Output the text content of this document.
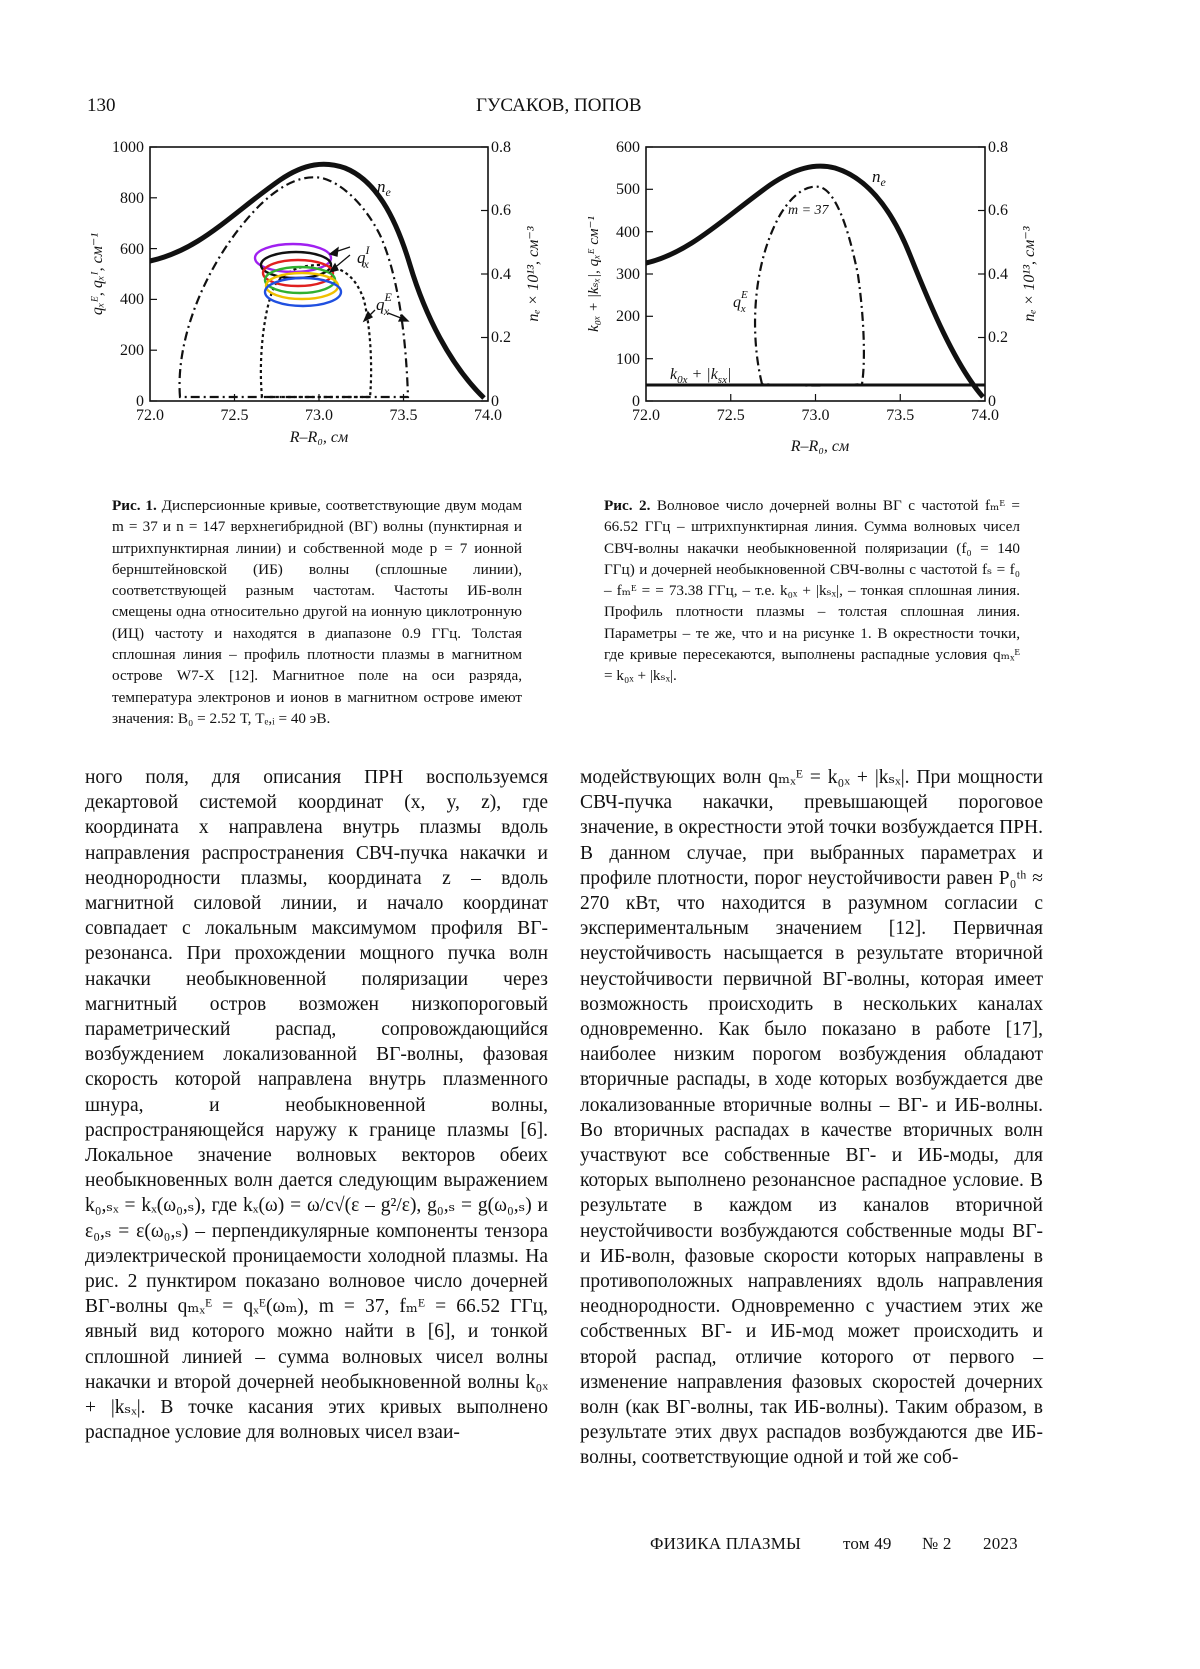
130	ГУСАКОВ, ПОПОВ
0
200
400
600
800
1000
0
0.2
0.4
0.6
0.8
72.0	72.5	73.0	73.5	74.0
R–R₀, см
qₓᴱ, qₓᴵ, см⁻¹	nₑ × 10¹³, см⁻³
$n_e$
$q^I$ x
$q^E$ x
0
100
200
300
400
500
600
0
0.2
0.4
0.6
0.8
72.0	72.5	73.0	73.5	74.0
R–R₀, см
k₀ₓ + |kₛₓ|, qₓᴱ см⁻¹	nₑ × 10¹³, см⁻³
m = 37
$n_e$
$q^E$ x
$k_{0x} + |k_{sx}|$
Рис. 1. Дисперсионные кривые, соответствующие двум модам m = 37 и n = 147 верхнегибридной (ВГ) волны (пунктирная и штрихпунктирная линии) и собственной моде p = 7 ионной бернштейновской (ИБ) волны (сплошные линии), соответствующей разным частотам. Частоты ИБ-волн смещены одна относительно другой на ионную циклотронную (ИЦ) частоту и находятся в диапазоне 0.9 ГГц. Толстая сплошная линия – профиль плотности плазмы в магнитном острове W7-X [12]. Магнитное поле на оси разряда, температура электронов и ионов в магнитном острове имеют значения: B₀ = 2.52 Т, Tₑ,ᵢ = 40 эВ.
Рис. 2. Волновое число дочерней волны ВГ с частотой fₘᴱ = 66.52 ГГц – штрихпунктирная линия. Сумма волновых чисел СВЧ-волны накачки необыкновенной поляризации (f₀ = 140 ГГц) и дочерней необыкновенной СВЧ-волны с частотой fₛ = f₀ – fₘᴱ = = 73.38 ГГц, – т.е. k₀ₓ + |kₛₓ|, – тонкая сплошная линия. Профиль плотности плазмы – толстая сплошная линия. Параметры – те же, что и на рисунке 1. В окрестности точки, где кривые пересекаются, выполнены распадные условия qₘₓᴱ = k₀ₓ + |kₛₓ|.

ного поля, для описания ПРН воспользуемся декартовой системой координат (x, y, z), где координата x направлена внутрь плазмы вдоль направления распространения СВЧ-пучка накачки и неоднородности плазмы, координата z – вдоль магнитной силовой линии, и начало координат совпадает с локальным максимумом профиля ВГ-резонанса. При прохождении мощного пучка волн накачки необыкновенной поляризации через магнитный остров возможен низкопороговый параметрический распад, сопровождающийся возбуждением локализованной ВГ-волны, фазовая скорость которой направлена внутрь плазменного шнура, и необыкновенной волны, распространяющейся наружу к границе плазмы [6]. Локальное значение волновых векторов обеих необыкновенных волн дается следующим выражением k₀,ₛₓ = kₓ(ω₀,ₛ), где kₓ(ω) = ω/c√(ε – g²/ε), g₀,ₛ = g(ω₀,ₛ) и ε₀,ₛ = ε(ω₀,ₛ) – перпендикулярные компоненты тензора диэлектрической проницаемости холодной плазмы. На рис. 2 пунктиром показано волновое число дочерней ВГ-волны qₘₓᴱ = qₓᴱ(ωₘ), m = 37, fₘᴱ = 66.52 ГГц, явный вид которого можно найти в [6], и тонкой сплошной линией – сумма волновых чисел волны накачки и второй дочерней необыкновенной волны k₀ₓ + |kₛₓ|. В точке касания этих кривых выполнено распадное условие для волновых чисел взаи-

модействующих волн qₘₓᴱ = k₀ₓ + |kₛₓ|. При мощности СВЧ-пучка накачки, превышающей пороговое значение, в окрестности этой точки возбуждается ПРН. В данном случае, при выбранных параметрах и профиле плотности, порог неустойчивости равен P₀ᵗʰ ≈ 270 кВт, что находится в разумном согласии с экспериментальным значением [12]. Первичная неустойчивость насыщается в результате вторичной неустойчивости первичной ВГ-волны, которая имеет возможность происходить в нескольких каналах одновременно. Как было показано в работе [17], наиболее низким порогом возбуждения обладают вторичные распады, в ходе которых возбуждается две локализованные вторичные волны – ВГ- и ИБ-волны. Во вторичных распадах в качестве вторичных волн участвуют все собственные ВГ- и ИБ-моды, для которых выполнено резонансное распадное условие. В результате в каждом из каналов вторичной неустойчивости возбуждаются собственные моды ВГ- и ИБ-волн, фазовые скорости которых направлены в противоположных направлениях вдоль направления неоднородности. Одновременно с участием этих же собственных ВГ- и ИБ-мод может происходить и второй распад, отличие которого от первого – изменение направления фазовых скоростей дочерних волн (как ВГ-волны, так ИБ-волны). Таким образом, в результате этих двух распадов возбуждаются две ИБ-волны, соответствующие одной и той же соб-

ФИЗИКА ПЛАЗМЫ том 49 № 2 2023
